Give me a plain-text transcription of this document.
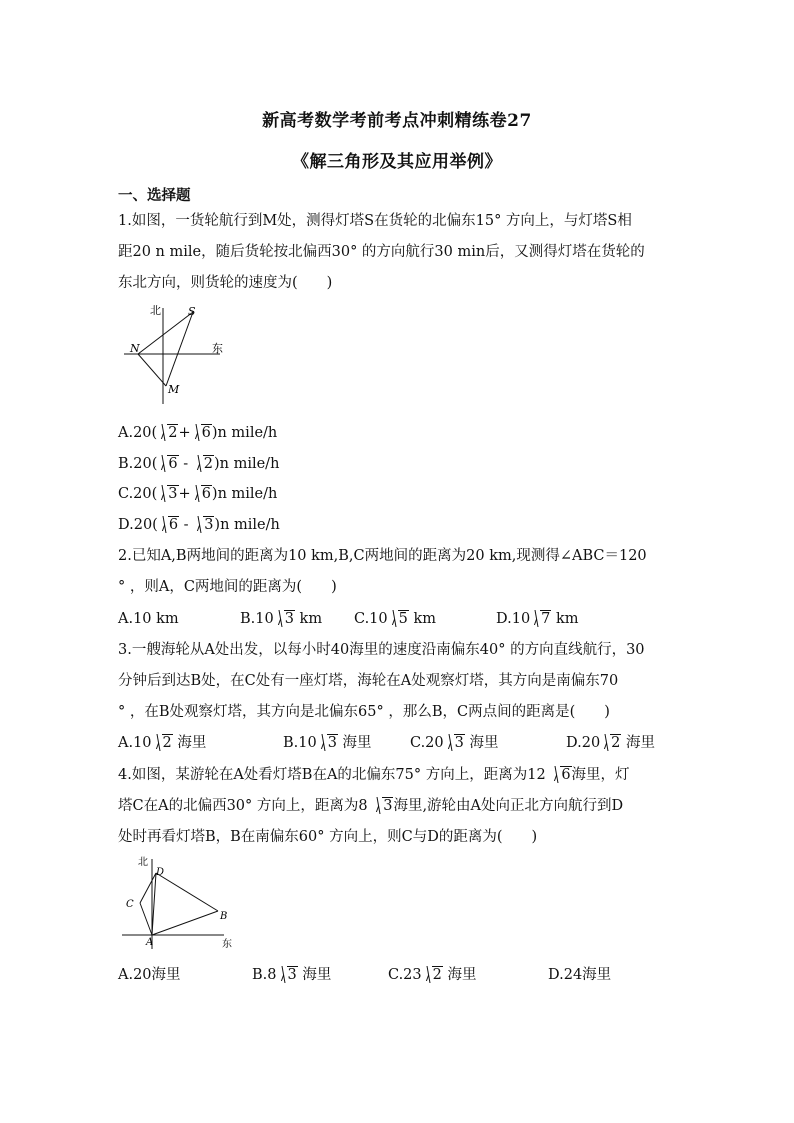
新高考数学考前考点冲刺精练卷27
《解三角形及其应用举例》
一、选择题
1.如图，一货轮航行到M处，测得灯塔S在货轮的北偏东15° 方向上，与灯塔S相
距20 n mile，随后货轮按北偏西30° 的方向航行30 min后，又测得灯塔在货轮的
东北方向，则货轮的速度为(　　)
北 S
N	东
M
A.20( 2+ 6)n mile/h
B.20( 6 - 2)n mile/h
C.20( 3+ 6)n mile/h
D.20( 6 - 3)n mile/h
2.已知A,B两地间的距离为10 km,B,C两地间的距离为20 km,现测得∠ABC＝120
° ，则A，C两地间的距离为(　　)
A.10 km	B.10 3 km C.10 5 km	D.10 7 km
3.一艘海轮从A处出发，以每小时40海里的速度沿南偏东40° 的方向直线航行，30
分钟后到达B处，在C处有一座灯塔，海轮在A处观察灯塔，其方向是南偏东70
° ，在B处观察灯塔，其方向是北偏东65° ，那么B，C两点间的距离是(　　)
A.10 2 海里	B.10 3 海里	C.20 3 海里	D.20 2 海里
4.如图，某游轮在A处看灯塔B在A的北偏东75° 方向上，距离为12 6海里，灯
塔C在A的北偏西30° 方向上，距离为8 3海里,游轮由A处向正北方向航行到D
处时再看灯塔B，B在南偏东60° 方向上，则C与D的距离为(　　)
北
D
C
B
A	东
A.20海里	B.8 3 海里	C.23 2 海里	D.24海里
